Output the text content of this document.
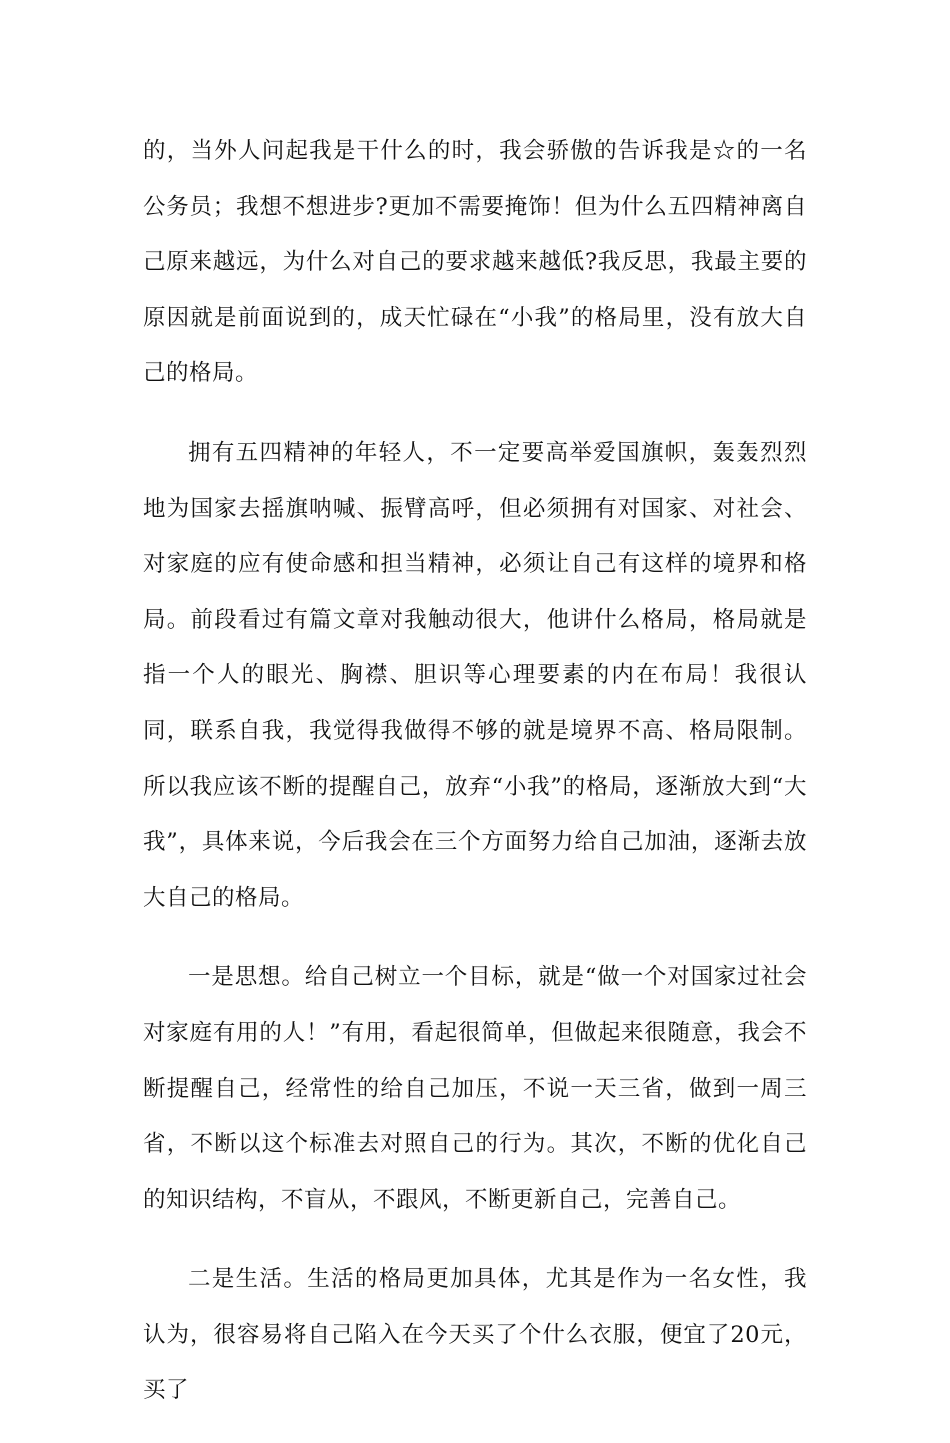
的，当外人问起我是干什么的时，我会骄傲的告诉我是☆的一名公务员；我想不想进步?更加不需要掩饰！但为什么五四精神离自己原来越远，为什么对自己的要求越来越低?我反思，我最主要的原因就是前面说到的，成天忙碌在“小我”的格局里，没有放大自己的格局。

拥有五四精神的年轻人，不一定要高举爱国旗帜，轰轰烈烈地为国家去摇旗呐喊、振臂高呼，但必须拥有对国家、对社会、对家庭的应有使命感和担当精神，必须让自己有这样的境界和格局。前段看过有篇文章对我触动很大，他讲什么格局，格局就是指一个人的眼光、胸襟、胆识等心理要素的内在布局！我很认同，联系自我，我觉得我做得不够的就是境界不高、格局限制。所以我应该不断的提醒自己，放弃“小我”的格局，逐渐放大到“大我”，具体来说，今后我会在三个方面努力给自己加油，逐渐去放大自己的格局。

一是思想。给自己树立一个目标，就是“做一个对国家过社会对家庭有用的人！”有用，看起很简单，但做起来很随意，我会不断提醒自己，经常性的给自己加压，不说一天三省，做到一周三省，不断以这个标准去对照自己的行为。其次，不断的优化自己的知识结构，不盲从，不跟风，不断更新自己，完善自己。

二是生活。生活的格局更加具体，尤其是作为一名女性，我认为，很容易将自己陷入在今天买了个什么衣服，便宜了20元，买了
